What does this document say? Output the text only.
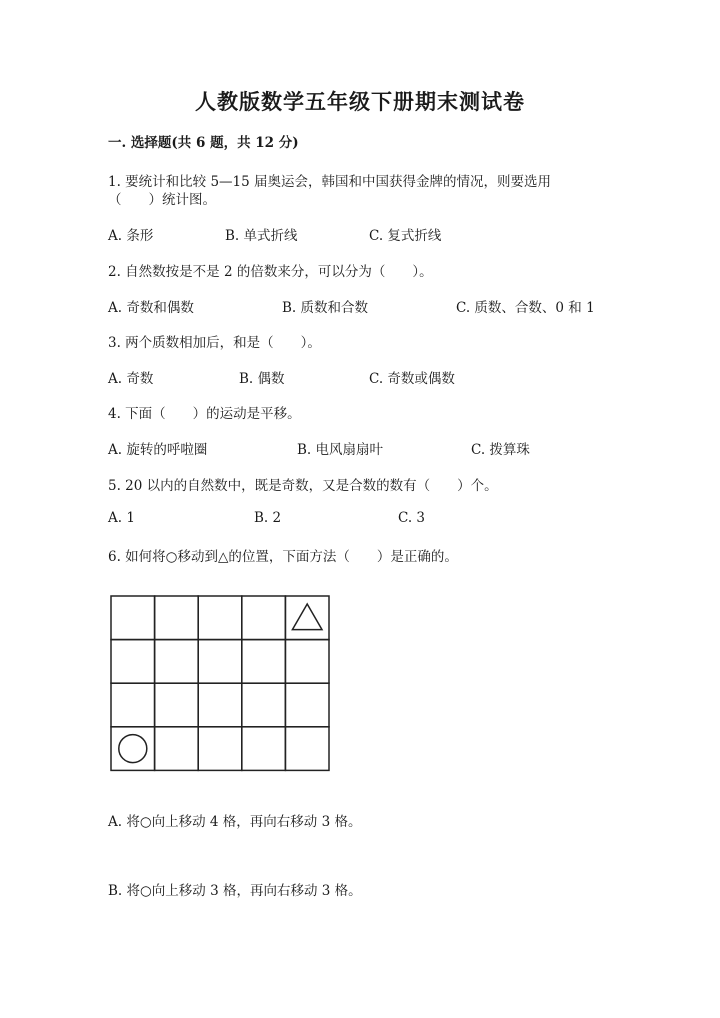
人教版数学五年级下册期末测试卷
一. 选择题(共 6 题，共 12 分)
1. 要统计和比较 5—15 届奥运会，韩国和中国获得金牌的情况，则要选用
（　　）统计图。
A. 条形	B. 单式折线	C. 复式折线
2. 自然数按是不是 2 的倍数来分，可以分为（　　）。
A. 奇数和偶数	B. 质数和合数	C. 质数、合数、0 和 1
3. 两个质数相加后，和是（　　）。
A. 奇数	B. 偶数	C. 奇数或偶数
4. 下面（　　）的运动是平移。
A. 旋转的呼啦圈	B. 电风扇扇叶	C. 拨算珠
5. 20 以内的自然数中，既是奇数，又是合数的数有（　　）个。
A. 1	B. 2	C. 3
6. 如何将○移动到△的位置，下面方法（　　）是正确的。
A. 将○向上移动 4 格，再向右移动 3 格。
B. 将○向上移动 3 格，再向右移动 3 格。
